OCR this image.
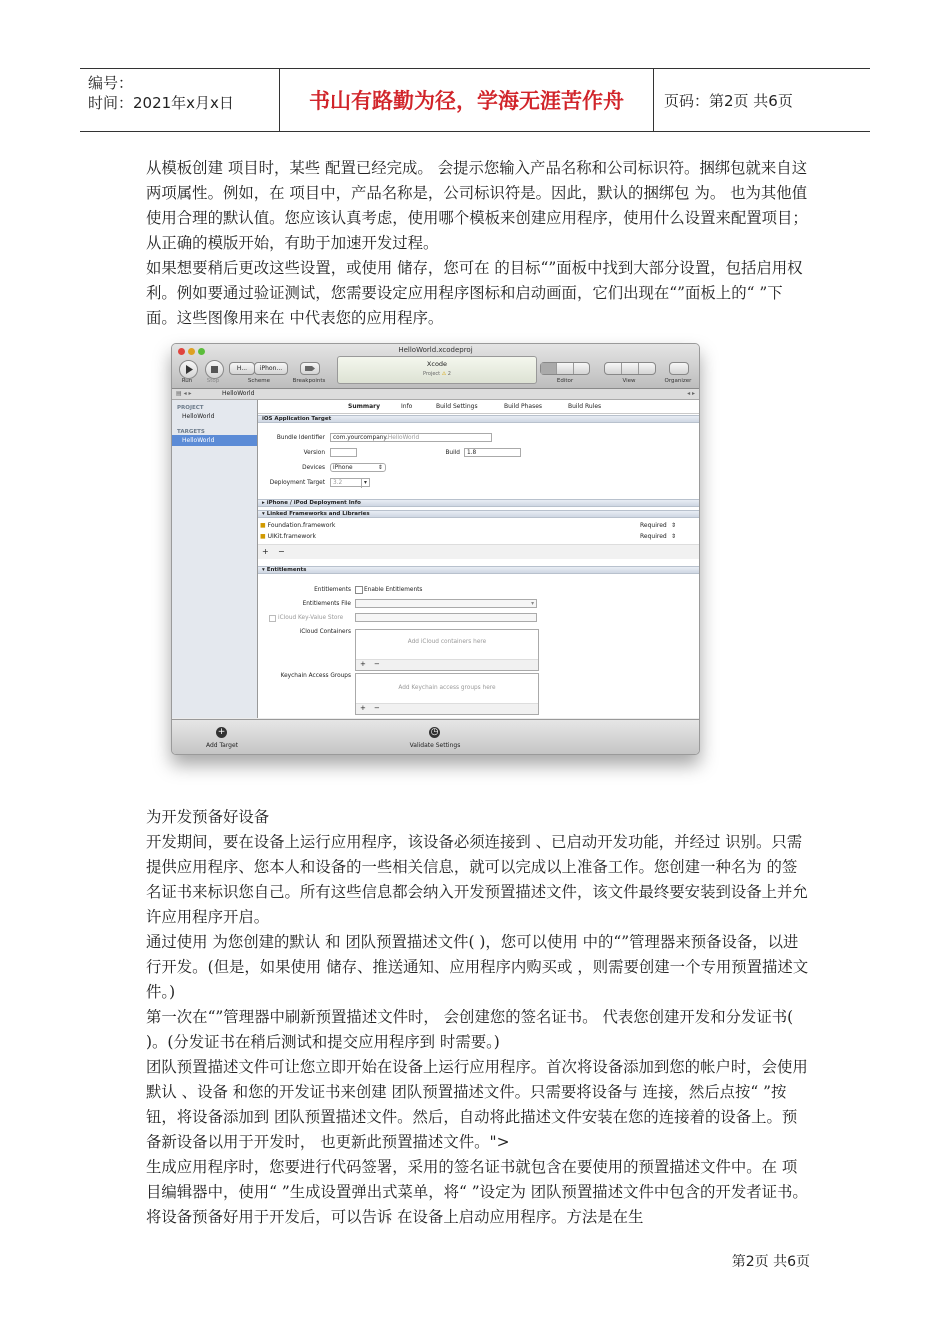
编号：
时间：2021年x月x日	书山有路勤为径，学海无涯苦作舟	页码：第2页 共6页

从模板创建 项目时，某些 配置已经完成。 会提示您输入产品名称和公司标识符。捆绑包就来自这两项属性。例如，在 项目中，产品名称是，公司标识符是。因此，默认的捆绑包 为。 也为其他值使用合理的默认值。您应该认真考虑，使用哪个模板来创建应用程序，使用什么设置来配置项目；从正确的模版开始，有助于加速开发过程。

如果想要稍后更改这些设置，或使用 储存，您可在 的目标“”面板中找到大部分设置，包括启用权利。例如要通过验证测试，您需要设定应用程序图标和启动画面，它们出现在“”面板上的“ ”下面。这些图像用来在 中代表您的应用程序。

HelloWorld.xcodeproj
H...	iPhon...
Run	Stop	Scheme	Breakpoints
Xcode
Project ⚠ 2
Editor	View	Organizer
▤ ◂ ▸	HelloWorld	◂ ▸
PROJECT
HelloWorld
TARGETS
HelloWorld
Summary	Info	Build Settings	Build Phases	Build Rules
iOS Application Target
Bundle Identifier	com.yourcompany.HelloWorld
Version	Build	1.8
Devices	iPhone	⇕
Deployment Target	3.2	▾
▸ iPhone / iPod Deployment Info
▾ Linked Frameworks and Libraries
■ Foundation.framework	Required ⇕
■ UIKit.framework	Required ⇕
+ −
▾ Entitlements
Entitlements Enable Entitlements
Entitlements File	▾
iCloud Key-Value Store
iCloud Containers
Add iCloud containers here
+ −
Keychain Access Groups
Add Keychain access groups here
+ −
+
Add Target
◷
Validate Settings

为开发预备好设备

开发期间，要在设备上运行应用程序，该设备必须连接到 、已启动开发功能，并经过 识别。只需提供应用程序、您本人和设备的一些相关信息，就可以完成以上准备工作。您创建一种名为 的签名证书来标识您自己。所有这些信息都会纳入开发预置描述文件，该文件最终要安装到设备上并允许应用程序开启。

通过使用 为您创建的默认 和 团队预置描述文件( )，您可以使用 中的“”管理器来预备设备，以进行开发。(但是，如果使用 储存、推送通知、应用程序内购买或 ，则需要创建一个专用预置描述文件。)

第一次在“”管理器中刷新预置描述文件时， 会创建您的签名证书。 代表您创建开发和分发证书( )。(分发证书在稍后测试和提交应用程序到 时需要。)

团队预置描述文件可让您立即开始在设备上运行应用程序。首次将设备添加到您的帐户时，会使用默认 、设备 和您的开发证书来创建 团队预置描述文件。只需要将设备与 连接，然后点按“ ”按钮，将设备添加到 团队预置描述文件。然后，自动将此描述文件安装在您的连接着的设备上。预备新设备以用于开发时， 也更新此预置描述文件。">

生成应用程序时，您要进行代码签署，采用的签名证书就包含在要使用的预置描述文件中。在 项目编辑器中，使用“ ”生成设置弹出式菜单，将“ ”设定为 团队预置描述文件中包含的开发者证书。将设备预备好用于开发后，可以告诉 在设备上启动应用程序。方法是在生

第2页 共6页
